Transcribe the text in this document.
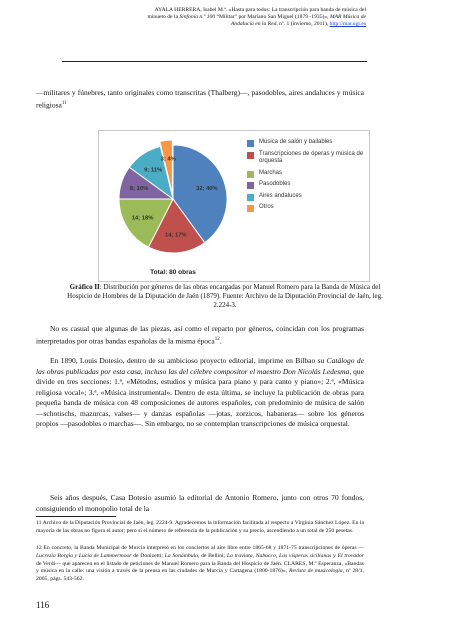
AYALA HERRERA, Isabel M.ª. «Hasta para todos: La transcripción para banda de música del
minueto de la Sinfonía n.º 100 “Militar” por Mariano San Miguel (1879 -1935)», MAR Música de
Andalucía en la Red, nº. 1 (invierno, 2011), http://mar.ugr.es
—militares y fúnebres, tanto originales como transcritas (Thalberg)—, pasodobles, aires andaluces y música religiosa$^{11}$
32; 40%
14; 17%
14; 18%
8; 10%
9; 11%
3; 4%
Total: 80 obras
Música de salón y bailables
Transcripciones de óperas y música de orquesta
Marchas
Pasodobles
Aires andaluces
Otros
Gráfico II: Distribución por géneros de las obras encargadas por Manuel Romero para la Banda de Música del Hospicio de Hombres de la Diputación de Jaén (1879). Fuente: Archivo de la Diputación Provincial de Jaén, leg. 2.224-3.
No es casual que algunas de las piezas, así como el reparto por géneros, coincidan con los programas interpretados por otras bandas españolas de la misma época$^{12}$.
En 1890, Louis Dotesio, dentro de su ambicioso proyecto editorial, imprime en Bilbao su Catálogo de las obras publicadas por esta casa, incluso las del célebre compositor el maestro Don Nicolás Ledesma, que divide en tres secciones: 1.ª, «Métodos, estudios y música para piano y para canto y piano»; 2.ª, «Música religiosa vocal»; 3.ª, «Música instrumental». Dentro de esta última, se incluye la publicación de obras para pequeña banda de música con 48 composiciones de autores españoles, con predominio de música de salón —schotischs, mazurcas, valses— y danzas españolas —jotas, zorzicos, habaneras— sobre los géneros propios —pasodobles o marchas—. Sin embargo, no se contemplan transcripciones de música orquestal.
Seis años después, Casa Dotesio asumió la editorial de Antonio Romero, junto con otros 70 fondos, consiguiendo el monopolio total de la
11 Archivo de la Diputación Provincial de Jaén, leg. 2224-9. Agradecemos la información facilitada al respecto a Virginia Sánchez López. En la mayoría de las obras no figura el autor; pero sí el número de referencia de la publicación y su precio, ascendiendo a un total de 250 pesetas.
12 En concreto, la Banda Municipal de Murcia interpretó en los conciertos al aire libre entre 1865-68 y 1871-75 transcripciones de óperas —Lucrezia Borgia y Lucía de Lammermoor de Donizetti; La Sonámbula, de Bellini; La traviata, Nabucco, Las vísperas sicilianas y El trovador de Verdi— que aparecen en el listado de peticiones de Manuel Romero para la Banda del Hospicio de Jaén. CLARES, M.ª Esperanza, «Bandas y música en la calle: una visión a través de la prensa en las ciudades de Murcia y Cartagena (1800-1876)», Revista de musicología, nº 28/1, 2005, págs. 543-562.
116
